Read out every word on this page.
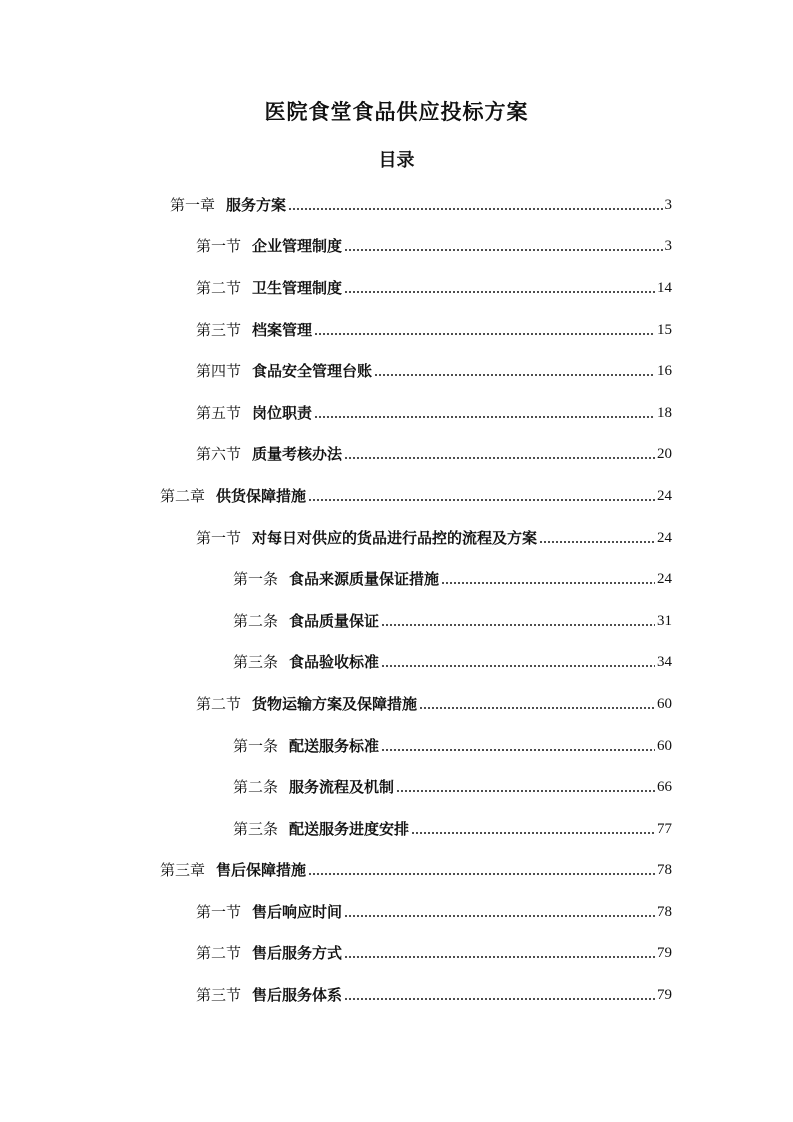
医院食堂食品供应投标方案
目录
第一章 服务方案	3
第一节 企业管理制度	3
第二节 卫生管理制度	14
第三节 档案管理	15
第四节 食品安全管理台账	16
第五节 岗位职责	18
第六节 质量考核办法	20
第二章 供货保障措施	24
第一节 对每日对供应的货品进行品控的流程及方案	24
第一条 食品来源质量保证措施	24
第二条 食品质量保证	31
第三条 食品验收标准	34
第二节 货物运输方案及保障措施	60
第一条 配送服务标准	60
第二条 服务流程及机制	66
第三条 配送服务进度安排	77
第三章 售后保障措施	78
第一节 售后响应时间	78
第二节 售后服务方式	79
第三节 售后服务体系	79
